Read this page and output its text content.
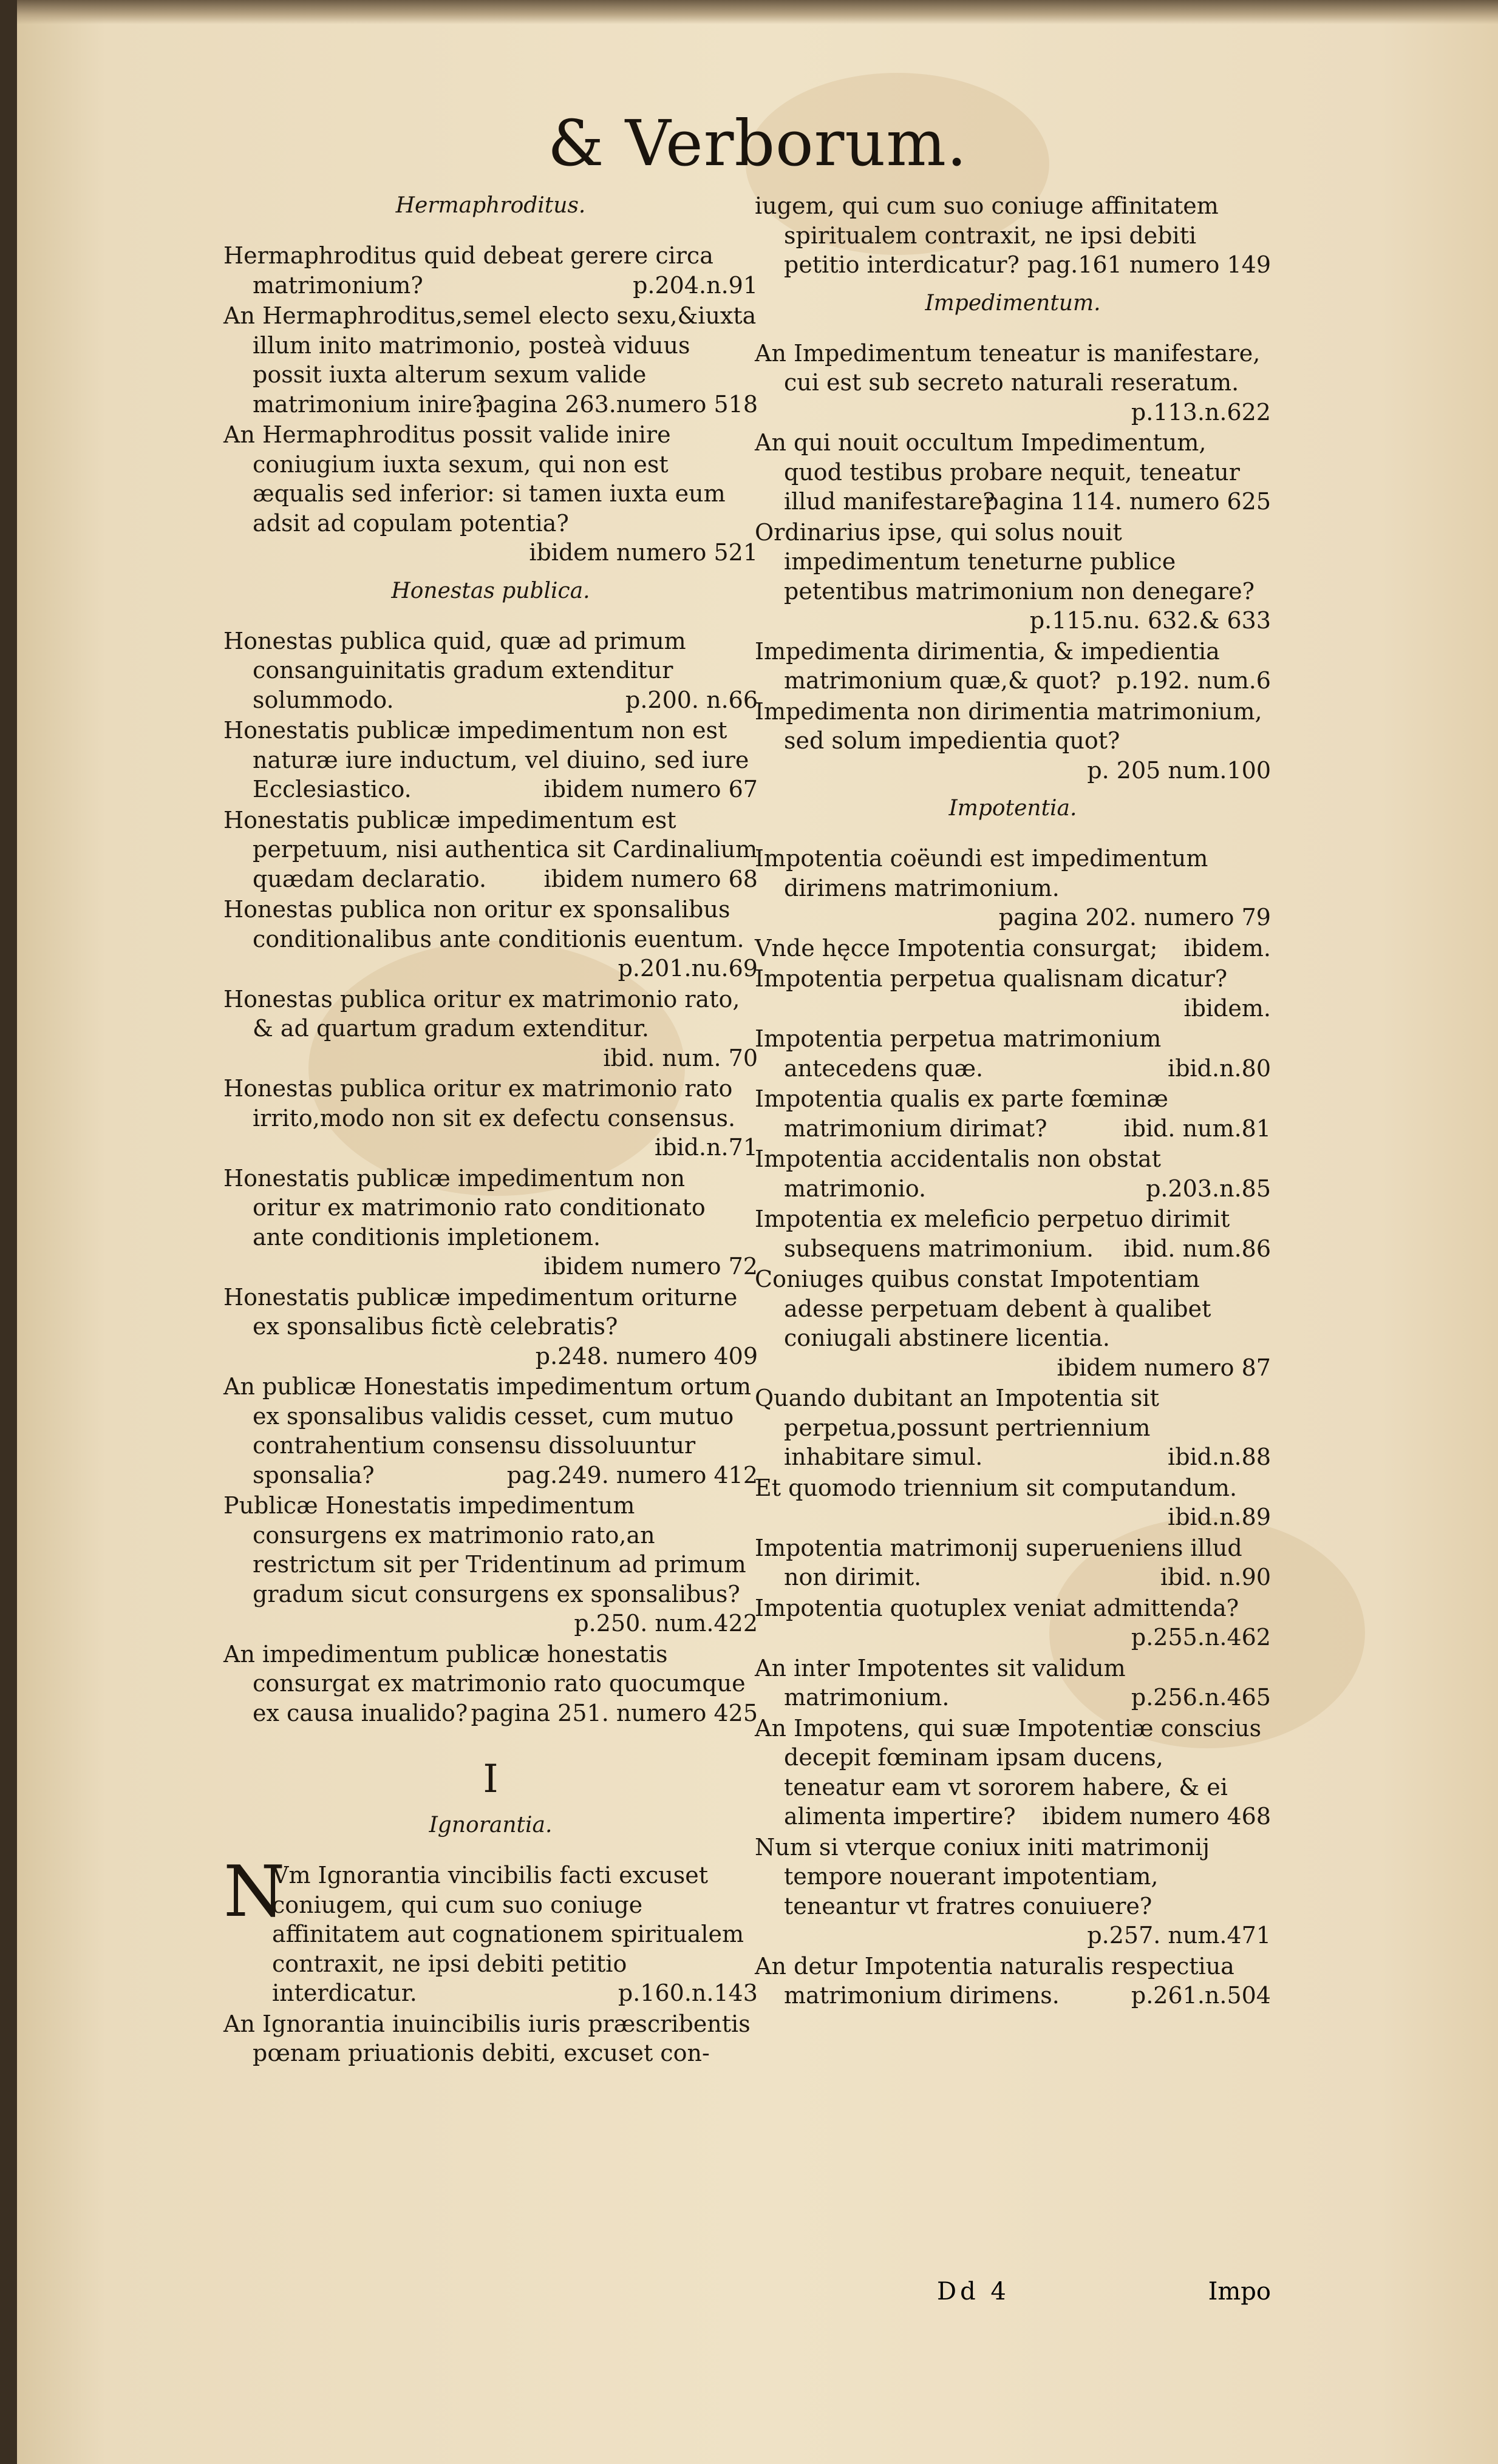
& Verborum.
Hermaphroditus.
Hermaphroditus quid debeat gerere circa matrimonium?	p.204.n.91
An Hermaphroditus,semel electo sexu,&iuxta illum inito matrimonio, posteà viduus possit iuxta alterum sexum valide matrimonium inire?
pagina 263.numero 518
An Hermaphroditus possit valide inire coniugium iuxta sexum, qui non est æqualis sed inferior: si tamen iuxta eum adsit ad copulam potentia?
ibidem numero 521
Honestas publica.
Honestas publica quid, quæ ad primum consanguinitatis gradum extenditur solummodo.	p.200. n.66
Honestatis publicæ impedimentum non est naturæ iure inductum, vel diuino, sed iure Ecclesiastico.	ibidem numero 67
Honestatis publicæ impedimentum est perpetuum, nisi authentica sit Cardinalium quædam declaratio. ibidem numero 68
Honestas publica non oritur ex sponsalibus conditionalibus ante conditionis euentum.
p.201.nu.69
Honestas publica oritur ex matrimonio rato, & ad quartum gradum extenditur.
ibid. num. 70
Honestas publica oritur ex matrimonio rato irrito,modo non sit ex defectu consensus.
ibid.n.71
Honestatis publicæ impedimentum non oritur ex matrimonio rato conditionato ante conditionis impletionem.
ibidem numero 72
Honestatis publicæ impedimentum oriturne ex sponsalibus fictè celebratis?
p.248. numero 409
An publicæ Honestatis impedimentum ortum ex sponsalibus validis cesset, cum mutuo contrahentium consensu dissoluuntur sponsalia?	pag.249. numero 412
Publicæ Honestatis impedimentum consurgens ex matrimonio rato,an restrictum sit per Tridentinum ad primum gradum sicut consurgens ex sponsalibus?
p.250. num.422
An impedimentum publicæ honestatis consurgat ex matrimonio rato quocumque ex causa inualido? pagina 251. numero 425
I
Ignorantia.
N
Vm Ignorantia vincibilis facti excuset coniugem, qui cum suo coniuge affinitatem aut cognationem spiritualem contraxit, ne ipsi debiti petitio interdicatur.	p.160.n.143
An Ignorantia inuincibilis iuris præscribentis pœnam priuationis debiti, excuset con-
iugem, qui cum suo coniuge affinitatem spiritualem contraxit, ne ipsi debiti petitio interdicatur? pag.161 numero 149
Impedimentum.
An Impedimentum teneatur is manifestare, cui est sub secreto naturali reseratum.
p.113.n.622
An qui nouit occultum Impedimentum, quod testibus probare nequit, teneatur illud manifestare?
pagina 114. numero 625
Ordinarius ipse, qui solus nouit impedimentum teneturne publice petentibus matrimonium non denegare?
p.115.nu. 632.& 633
Impedimenta dirimentia, & impedientia matrimonium quæ,& quot? p.192. num.6
Impedimenta non dirimentia matrimonium, sed solum impedientia quot?
p. 205 num.100
Impotentia.
Impotentia coëundi est impedimentum dirimens matrimonium.
pagina 202. numero 79
Vnde hęcce Impotentia consurgat; ibidem.
Impotentia perpetua qualisnam dicatur?
ibidem.
Impotentia perpetua matrimonium antecedens quæ.	ibid.n.80
Impotentia qualis ex parte fœminæ matrimonium dirimat?	ibid. num.81
Impotentia accidentalis non obstat matrimonio.	p.203.n.85
Impotentia ex meleficio perpetuo dirimit subsequens matrimonium. ibid. num.86
Coniuges quibus constat Impotentiam adesse perpetuam debent à qualibet coniugali abstinere licentia.
ibidem numero 87
Quando dubitant an Impotentia sit perpetua,possunt pertriennium inhabitare simul.	ibid.n.88
Et quomodo triennium sit computandum.
ibid.n.89
Impotentia matrimonij superueniens illud non dirimit.	ibid. n.90
Impotentia quotuplex veniat admittenda?
p.255.n.462
An inter Impotentes sit validum matrimonium.	p.256.n.465
An Impotens, qui suæ Impotentiæ conscius decepit fœminam ipsam ducens, teneatur eam vt sororem habere, & ei alimenta impertire? ibidem numero 468
Num si vterque coniux initi matrimonij tempore nouerant impotentiam, teneantur vt fratres conuiuere?
p.257. num.471
An detur Impotentia naturalis respectiua matrimonium dirimens.	p.261.n.504
Dd 4	Impo
